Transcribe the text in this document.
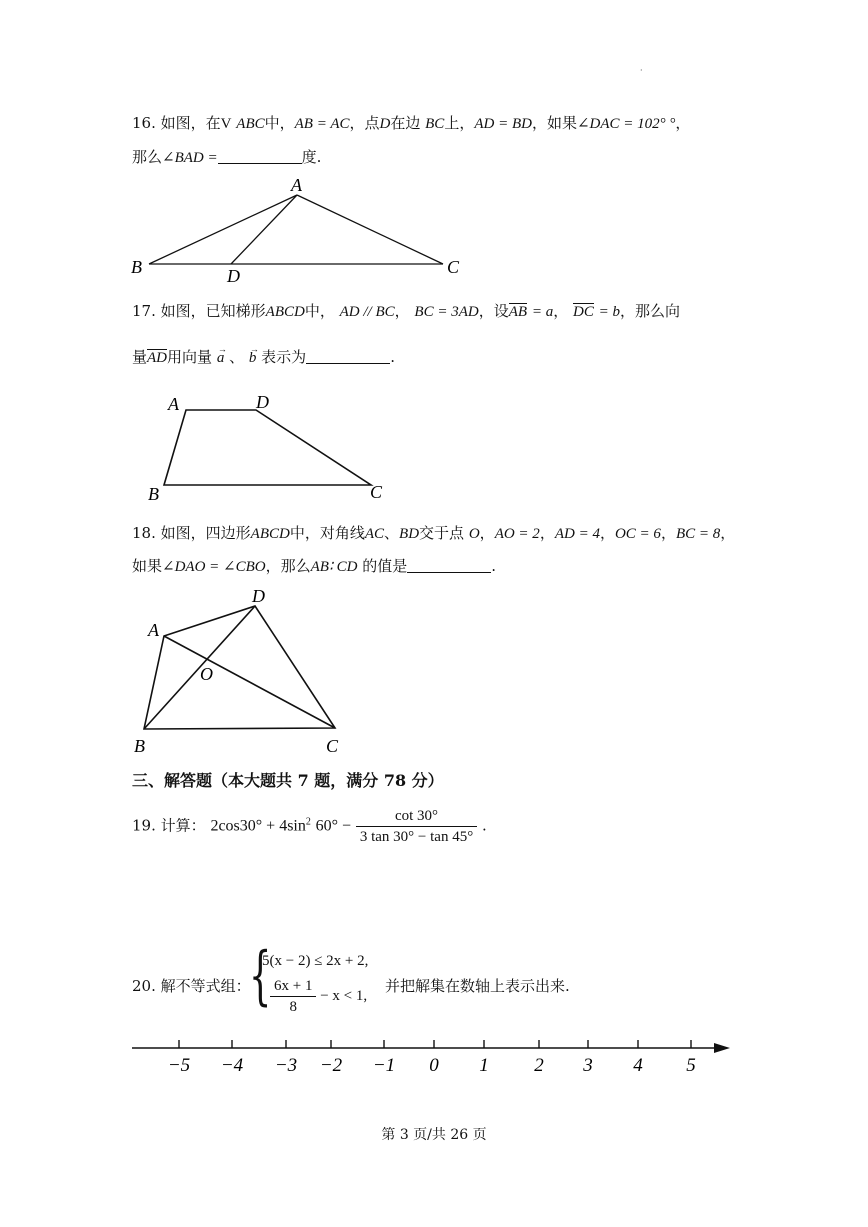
·
16. 如图，在V ABC中，AB = AC，点D在边 BC上，AD = BD，如果∠DAC = 102° °，
那么∠BAD =	度.
A
B	D	C
17. 如图，已知梯形ABCD中， AD // BC， BC = 3AD，设AB = a， DC = b，那么向
量AD用向量 → a 、 → b 表示为	.
A	D
B	C
18. 如图，四边形ABCD中，对角线AC、BD交于点 O，AO = 2，AD = 4，OC = 6，BC = 8，
如果∠DAO = ∠CBO，那么AB∶ CD 的值是	.
D
A
O
B	C
三、解答题（本大题共 7 题，满分 78 分）
19. 计算： $2\cos 30^\circ + 4\sin^2$ $60^\circ - \frac{\cot 30^\circ}{3 \tan 30^\circ - \tan 45^\circ}$ .
20. 解不等式组：
{
5(x − 2) ≤ 2x + 2,
$\frac{6x + 1}{8} - x < 1$,
并把解集在数轴上表示出来.
−5 −4 −3 −2 −1 0 1 2 3 4 5
第 3 页/共 26 页
